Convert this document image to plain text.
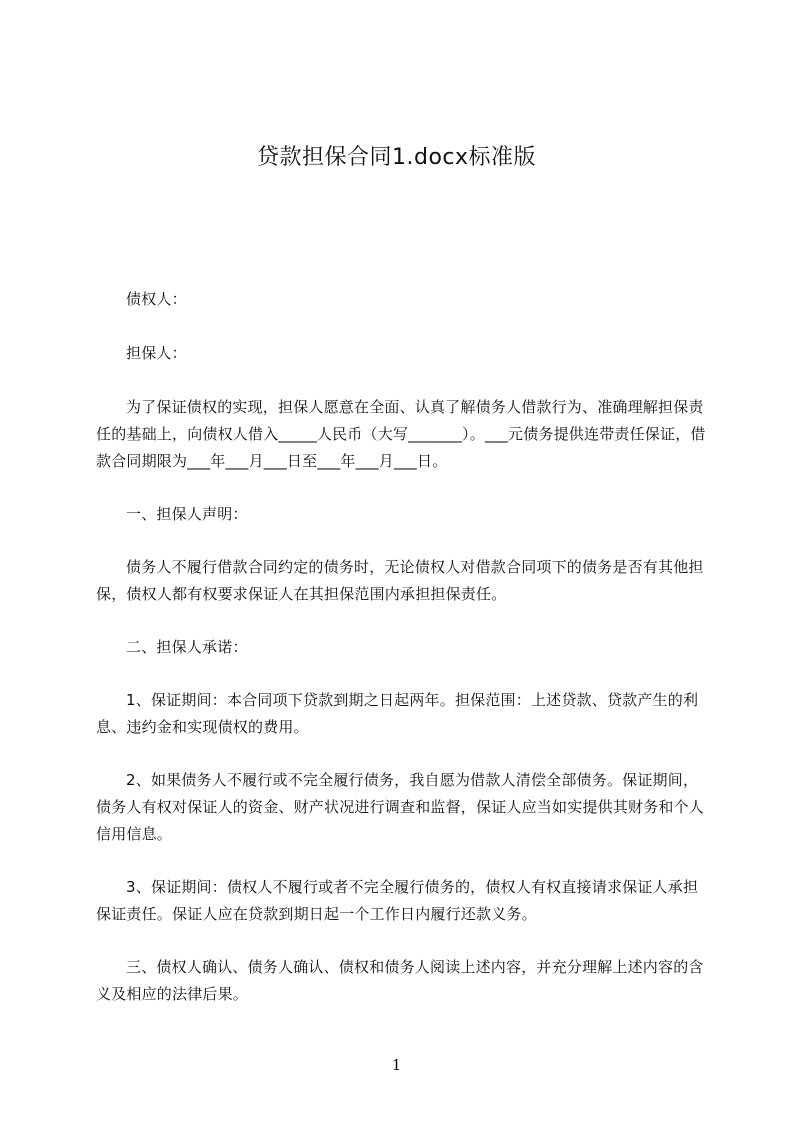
贷款担保合同1.docx标准版
债权人：
担保人：
为了保证债权的实现，担保人愿意在全面、认真了解债务人借款行为、准确理解担保责任的基础上，向债权人借入_____人民币（大写_______）。___元债务提供连带责任保证，借款合同期限为___年___月___日至___年___月___日。
一、担保人声明：
债务人不履行借款合同约定的债务时，无论债权人对借款合同项下的债务是否有其他担保，债权人都有权要求保证人在其担保范围内承担担保责任。
二、担保人承诺：
1、保证期间：本合同项下贷款到期之日起两年。担保范围：上述贷款、贷款产生的利息、违约金和实现债权的费用。
2、如果债务人不履行或不完全履行债务，我自愿为借款人清偿全部债务。保证期间，债务人有权对保证人的资金、财产状况进行调查和监督，保证人应当如实提供其财务和个人信用信息。
3、保证期间：债权人不履行或者不完全履行债务的，债权人有权直接请求保证人承担保证责任。保证人应在贷款到期日起一个工作日内履行还款义务。
三、债权人确认、债务人确认、债权和债务人阅读上述内容，并充分理解上述内容的含义及相应的法律后果。
1
